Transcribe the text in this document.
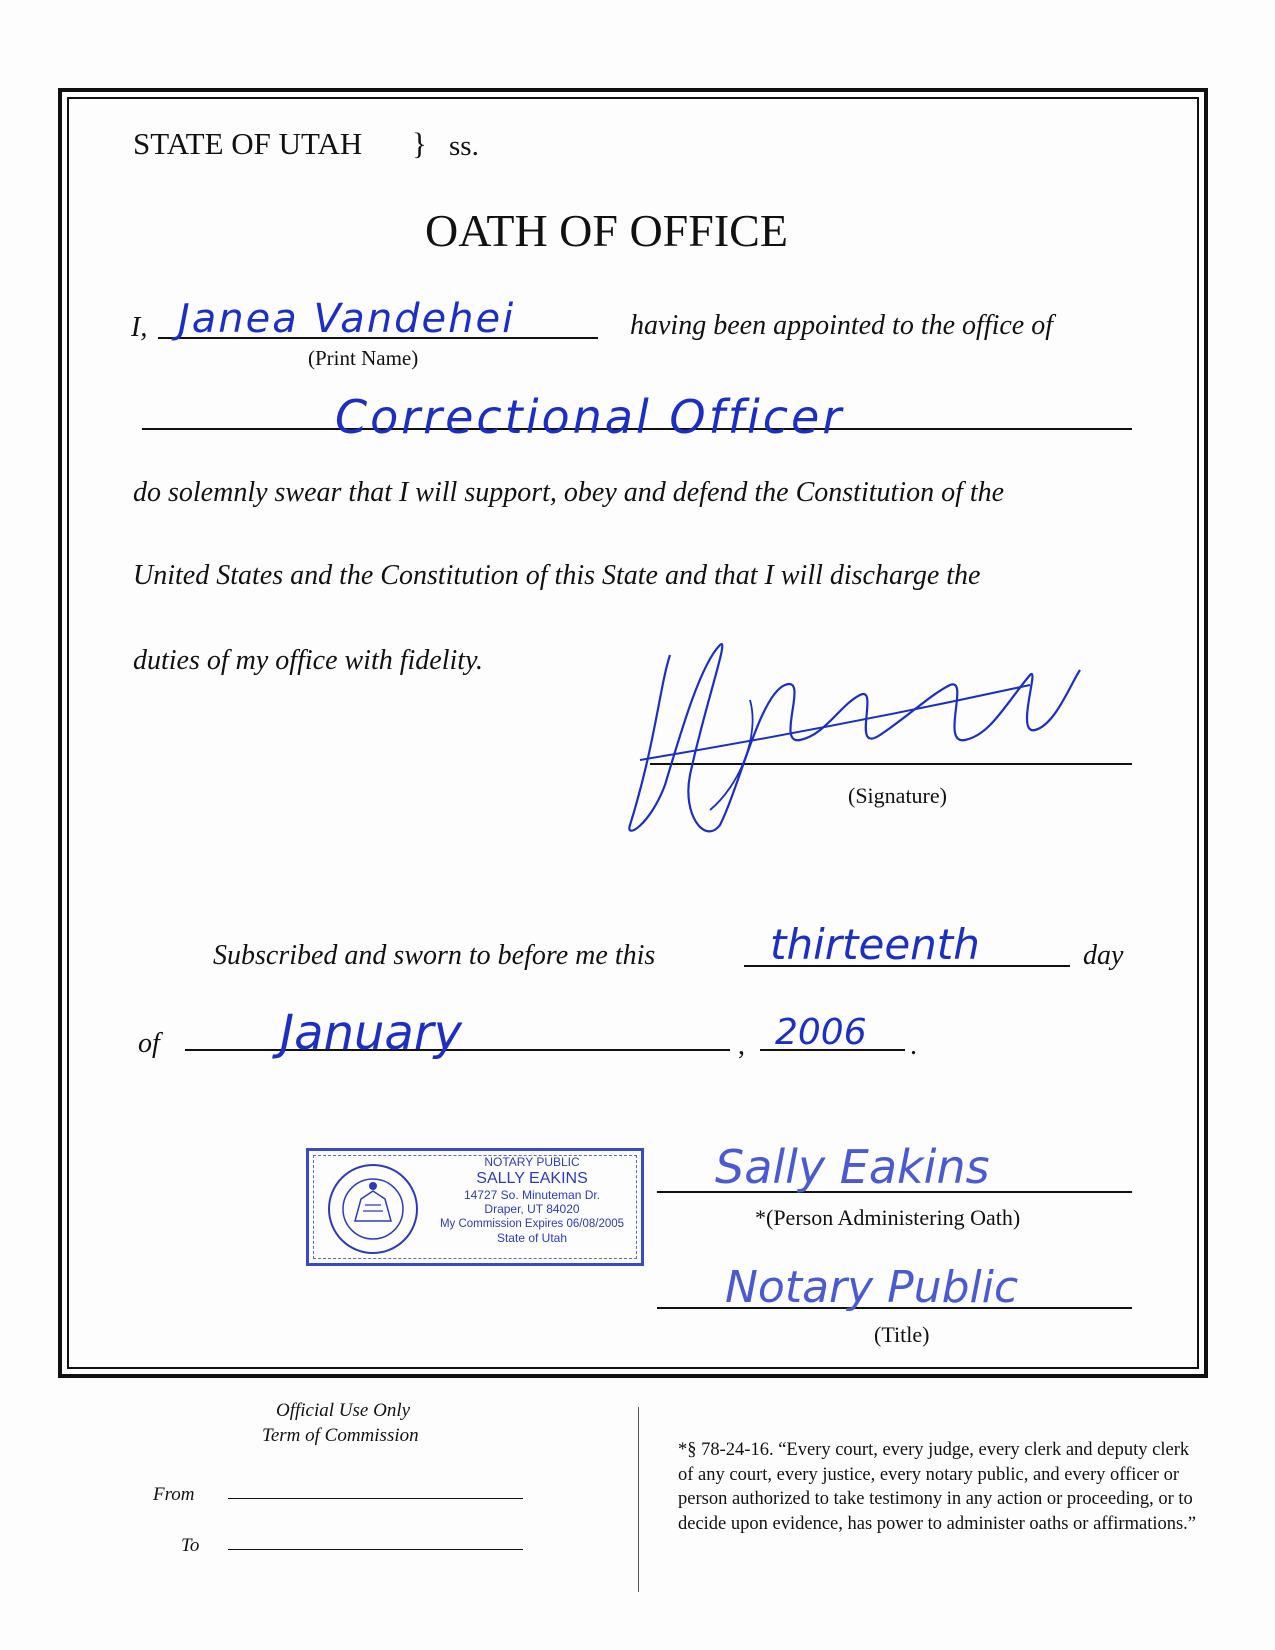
STATE OF UTAH } ss.
OATH OF OFFICE
I, Janea Vandehei
(Print Name)
having been appointed to the office of
Correctional Officer
do solemnly swear that I will support, obey and defend the Constitution of the
United States and the Constitution of this State and that I will discharge the
duties of my office with fidelity.
(Signature)
Subscribed and sworn to before me this	thirteenth	day
of	January	, 2006 .
NOTARY PUBLIC
SALLY EAKINS
14727 So. Minuteman Dr.
Draper, UT 84020
My Commission Expires 06/08/2005
State of Utah
Sally Eakins
*(Person Administering Oath)
Notary Public
(Title)
Official Use Only
Term of Commission
From
To
*§ 78-24-16. “Every court, every judge, every clerk and deputy clerk of any court, every justice, every notary public, and every officer or person authorized to take testimony in any action or proceeding, or to decide upon evidence, has power to administer oaths or affirmations.”
